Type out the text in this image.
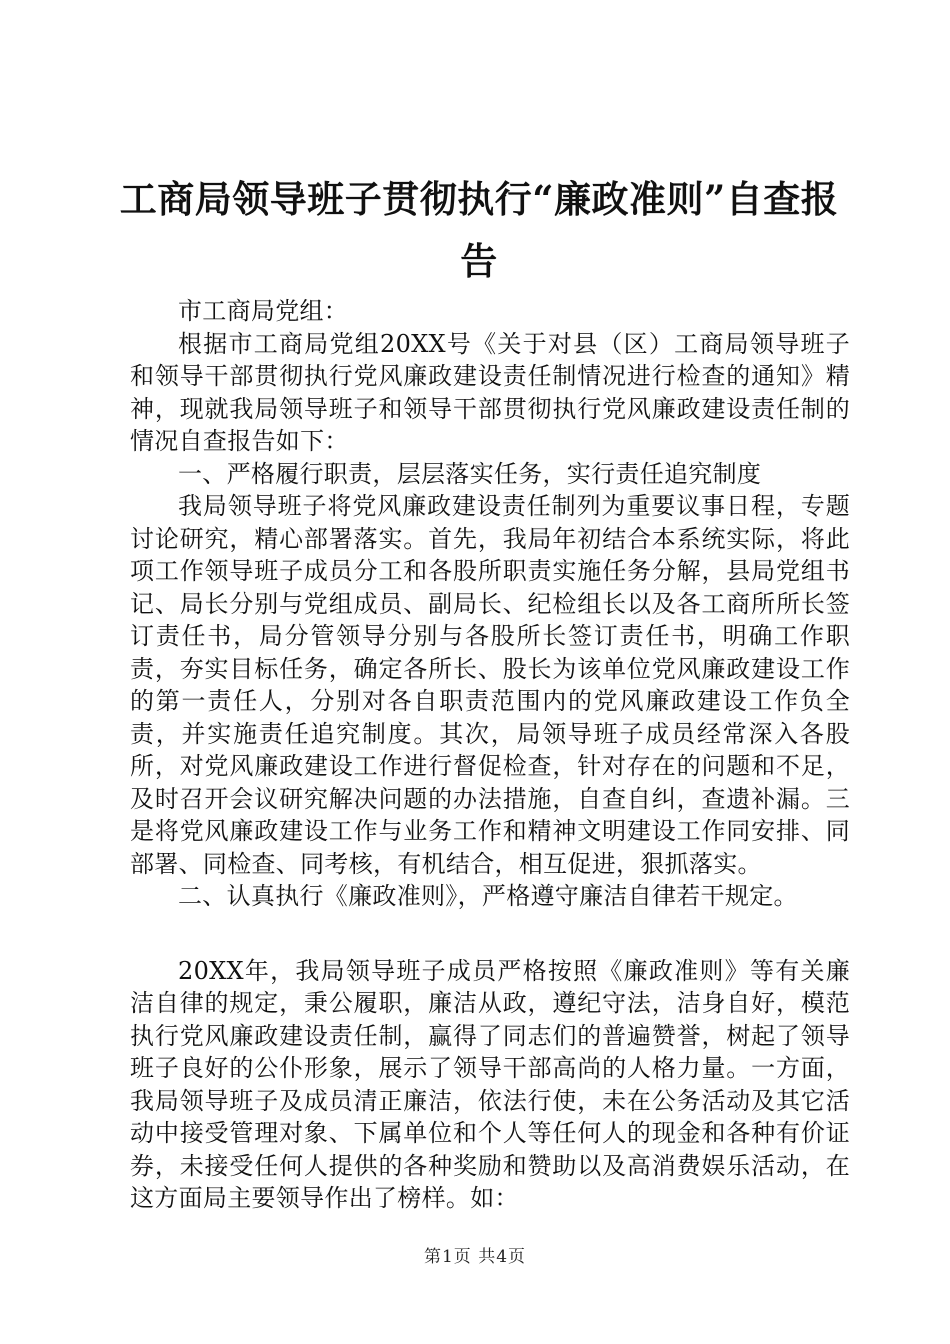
工商局领导班子贯彻执行“廉政准则”自查报告

市工商局党组：

根据市工商局党组20XX号《关于对县（区）工商局领导班子和领导干部贯彻执行党风廉政建设责任制情况进行检查的通知》精神，现就我局领导班子和领导干部贯彻执行党风廉政建设责任制的情况自查报告如下：

一、严格履行职责，层层落实任务，实行责任追究制度

我局领导班子将党风廉政建设责任制列为重要议事日程，专题讨论研究，精心部署落实。首先，我局年初结合本系统实际，将此项工作领导班子成员分工和各股所职责实施任务分解，县局党组书记、局长分别与党组成员、副局长、纪检组长以及各工商所所长签订责任书，局分管领导分别与各股所长签订责任书，明确工作职责，夯实目标任务，确定各所长、股长为该单位党风廉政建设工作的第一责任人，分别对各自职责范围内的党风廉政建设工作负全责，并实施责任追究制度。其次，局领导班子成员经常深入各股所，对党风廉政建设工作进行督促检查，针对存在的问题和不足，及时召开会议研究解决问题的办法措施，自查自纠，查遗补漏。三是将党风廉政建设工作与业务工作和精神文明建设工作同安排、同部署、同检查、同考核，有机结合，相互促进，狠抓落实。

二、认真执行《廉政准则》，严格遵守廉洁自律若干规定。

20XX年，我局领导班子成员严格按照《廉政准则》等有关廉洁自律的规定，秉公履职，廉洁从政，遵纪守法，洁身自好，模范执行党风廉政建设责任制，赢得了同志们的普遍赞誉，树起了领导班子良好的公仆形象，展示了领导干部高尚的人格力量。一方面，我局领导班子及成员清正廉洁，依法行使，未在公务活动及其它活动中接受管理对象、下属单位和个人等任何人的现金和各种有价证券，未接受任何人提供的各种奖励和赞助以及高消费娱乐活动，在这方面局主要领导作出了榜样。如：

第1页 共4页
